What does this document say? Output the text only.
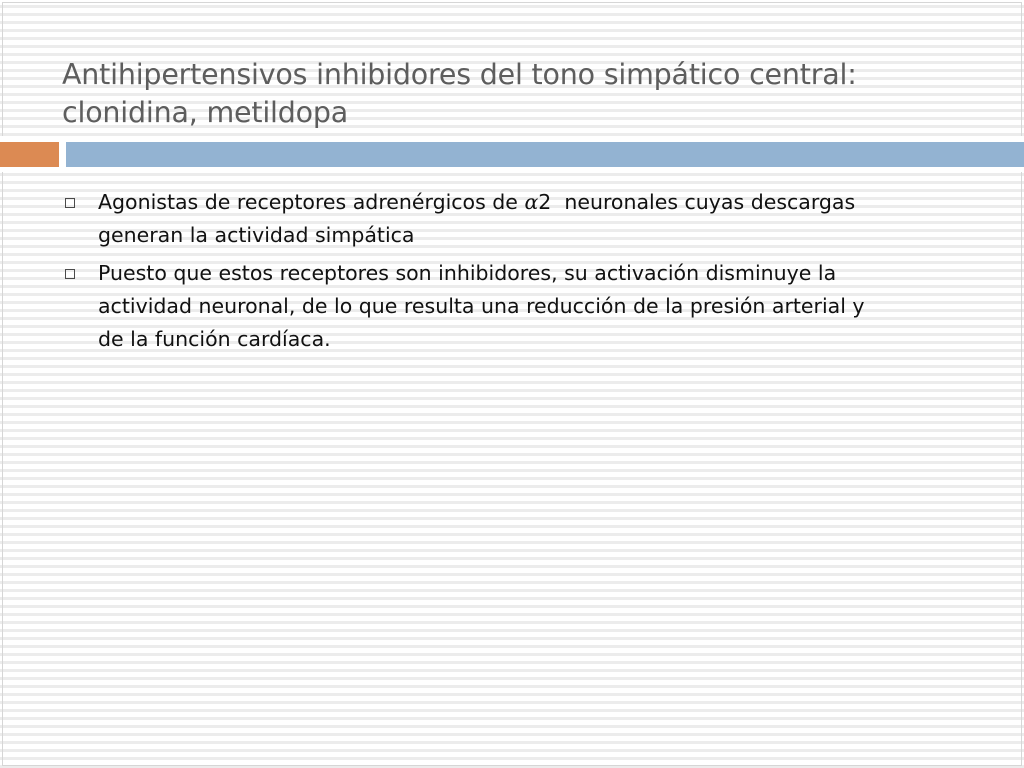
Antihipertensivos inhibidores del tono simpático central:
clonidina, metildopa
Agonistas de receptores adrenérgicos de α2  neuronales cuyas descargas
generan la actividad simpática
Puesto que estos receptores son inhibidores, su activación disminuye la
actividad neuronal, de lo que resulta una reducción de la presión arterial y
de la función cardíaca.
